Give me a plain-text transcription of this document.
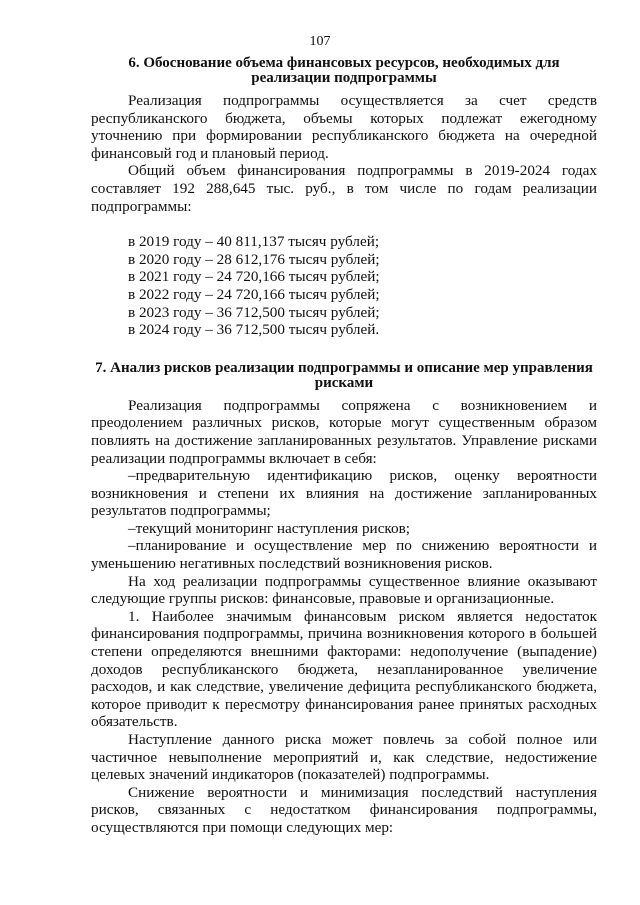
107
6. Обоснование объема финансовых ресурсов, необходимых для реализации подпрограммы

Реализация подпрограммы осуществляется за счет средств республиканского бюджета, объемы которых подлежат ежегодному уточнению при формировании республиканского бюджета на очередной финансовый год и плановый период.

Общий объем финансирования подпрограммы в 2019-2024 годах составляет 192 288,645 тыс. руб., в том числе по годам реализации подпрограммы:

в 2019 году – 40 811,137 тысяч рублей;
в 2020 году – 28 612,176 тысяч рублей;
в 2021 году – 24 720,166 тысяч рублей;
в 2022 году – 24 720,166 тысяч рублей;
в 2023 году – 36 712,500 тысяч рублей;
в 2024 году – 36 712,500 тысяч рублей.
7. Анализ рисков реализации подпрограммы и описание мер управления рисками

Реализация подпрограммы сопряжена с возникновением и преодолением различных рисков, которые могут существенным образом повлиять на достижение запланированных результатов. Управление рисками реализации подпрограммы включает в себя:

–предварительную идентификацию рисков, оценку вероятности возникновения и степени их влияния на достижение запланированных результатов подпрограммы;

–текущий мониторинг наступления рисков;

–планирование и осуществление мер по снижению вероятности и уменьшению негативных последствий возникновения рисков.

На ход реализации подпрограммы существенное влияние оказывают следующие группы рисков: финансовые, правовые и организационные.

1. Наиболее значимым финансовым риском является недостаток финансирования подпрограммы, причина возникновения которого в большей степени определяются внешними факторами: недополучение (выпадение) доходов республиканского бюджета, незапланированное увеличение расходов, и как следствие, увеличение дефицита республиканского бюджета, которое приводит к пересмотру финансирования ранее принятых расходных обязательств.

Наступление данного риска может повлечь за собой полное или частичное невыполнение мероприятий и, как следствие, недостижение целевых значений индикаторов (показателей) подпрограммы.

Снижение вероятности и минимизация последствий наступления рисков, связанных с недостатком финансирования подпрограммы, осуществляются при помощи следующих мер:
